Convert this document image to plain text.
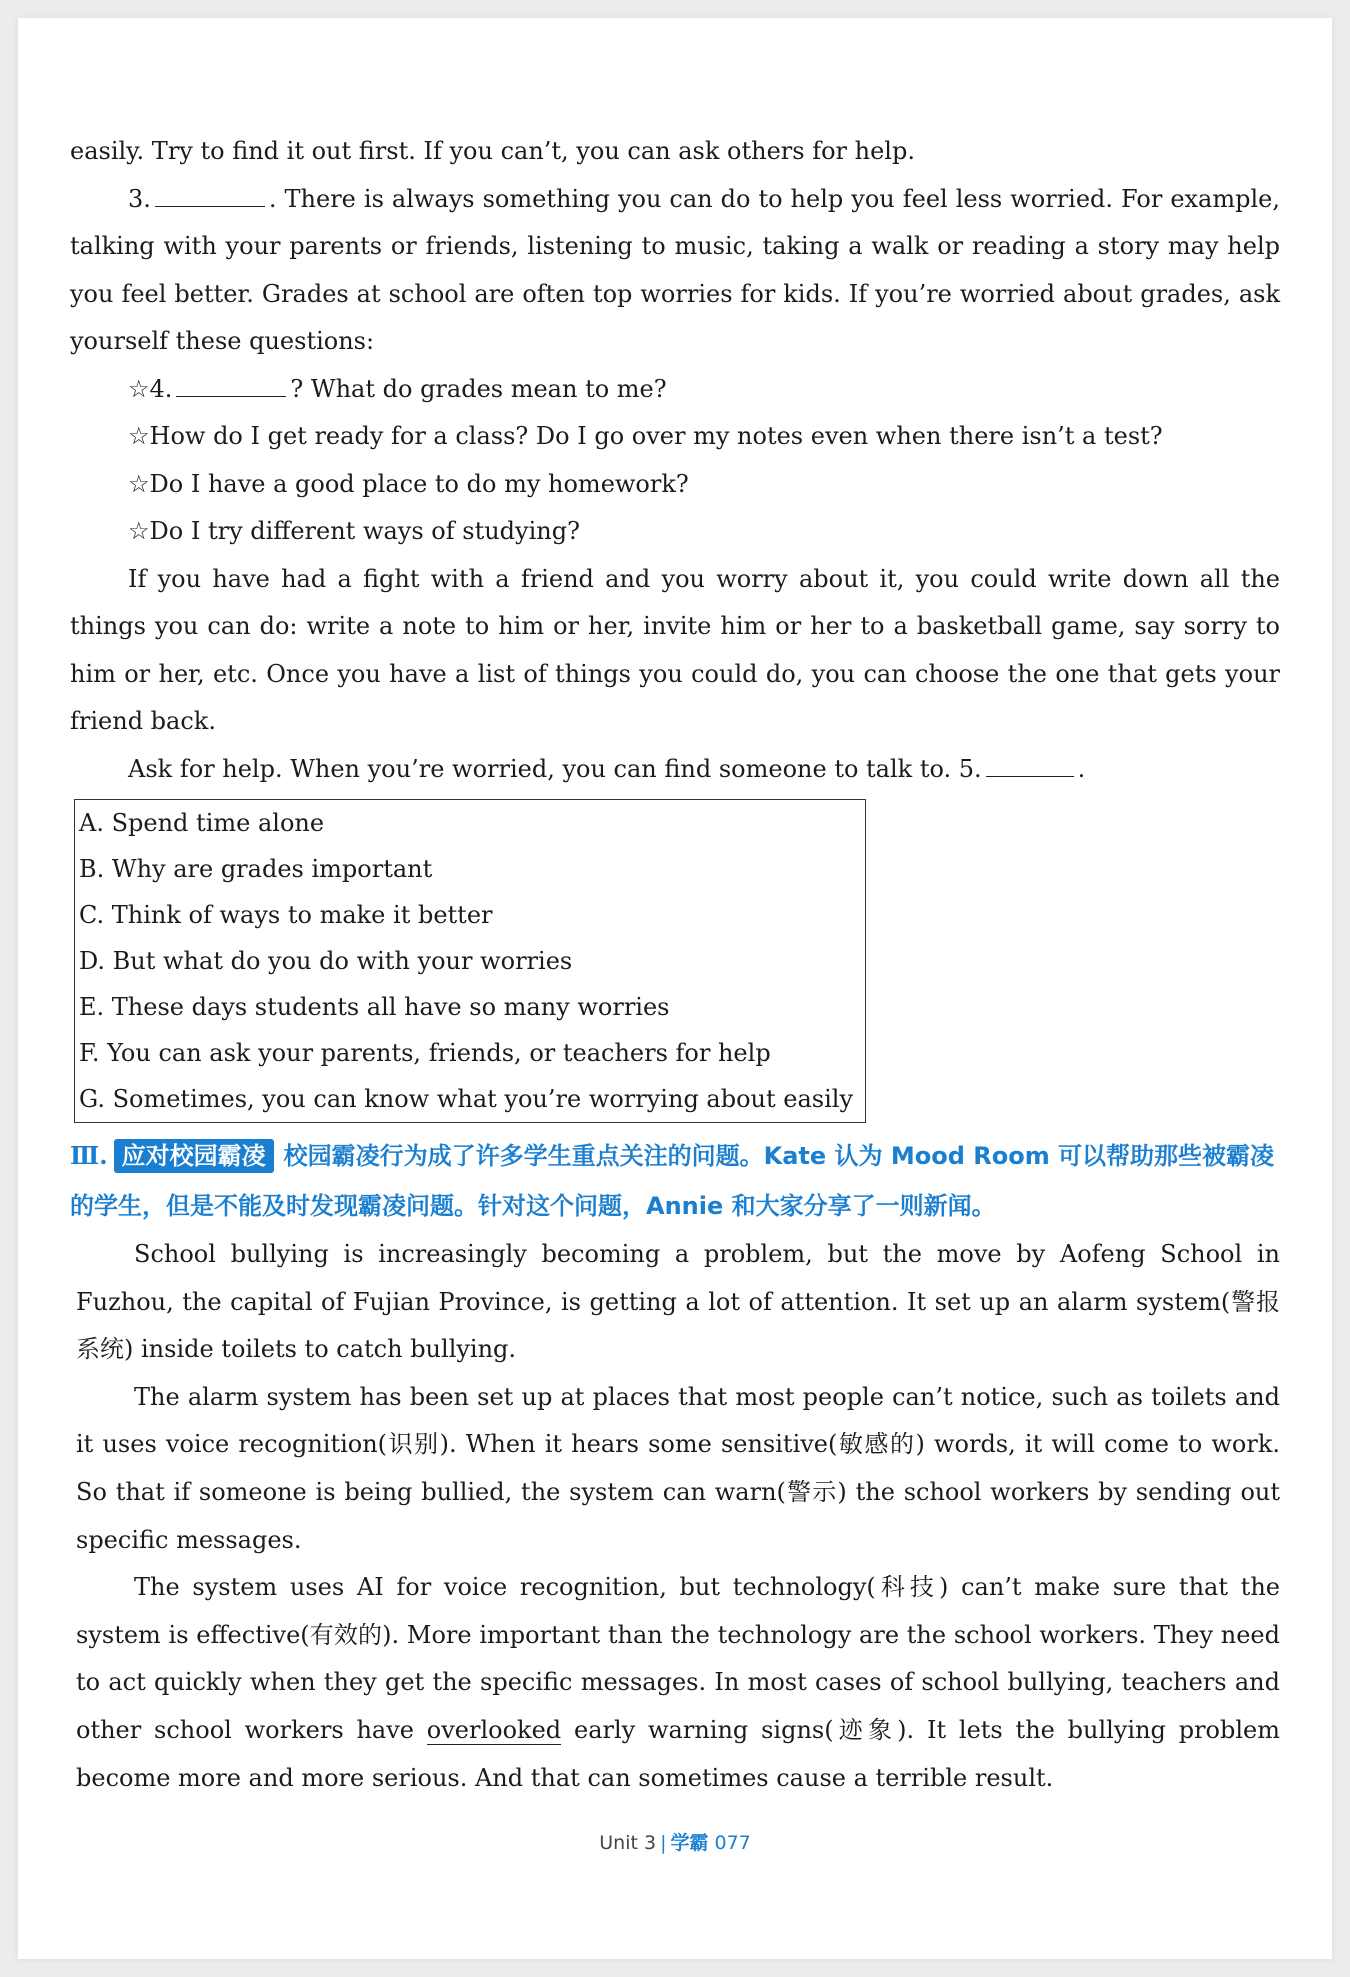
easily. Try to find it out first. If you can’t, you can ask others for help.

3.	. There is always something you can do to help you feel less worried. For example, talking with your parents or friends, listening to music, taking a walk or reading a story may help you feel better. Grades at school are often top worries for kids. If you’re worried about grades, ask yourself these questions:

☆4.	? What do grades mean to me?

☆How do I get ready for a class? Do I go over my notes even when there isn’t a test?

☆Do I have a good place to do my homework?

☆Do I try different ways of studying?

If you have had a fight with a friend and you worry about it, you could write down all the things you can do: write a note to him or her, invite him or her to a basketball game, say sorry to him or her, etc. Once you have a list of things you could do, you can choose the one that gets your friend back.

Ask for help. When you’re worried, you can find someone to talk to. 5.	.

A. Spend time alone

B. Why are grades important

C. Think of ways to make it better

D. But what do you do with your worries

E. These days students all have so many worries

F. You can ask your parents, friends, or teachers for help

G. Sometimes, you can know what you’re worrying about easily

Ⅲ. 应对校园霸凌 校园霸凌行为成了许多学生重点关注的问题。Kate 认为 Mood Room 可以帮助那些被霸凌的学生，但是不能及时发现霸凌问题。针对这个问题，Annie 和大家分享了一则新闻。

School bullying is increasingly becoming a problem, but the move by Aofeng School in Fuzhou, the capital of Fujian Province, is getting a lot of attention. It set up an alarm system(警报系统) inside toilets to catch bullying.

The alarm system has been set up at places that most people can’t notice, such as toilets and it uses voice recognition(识别). When it hears some sensitive(敏感的) words, it will come to work. So that if someone is being bullied, the system can warn(警示) the school workers by sending out specific messages.

The system uses AI for voice recognition, but technology(科技) can’t make sure that the system is effective(有效的). More important than the technology are the school workers. They need to act quickly when they get the specific messages. In most cases of school bullying, teachers and other school workers have overlooked early warning signs(迹象). It lets the bullying problem become more and more serious. And that can sometimes cause a terrible result.

Unit 3 | 学霸 077
